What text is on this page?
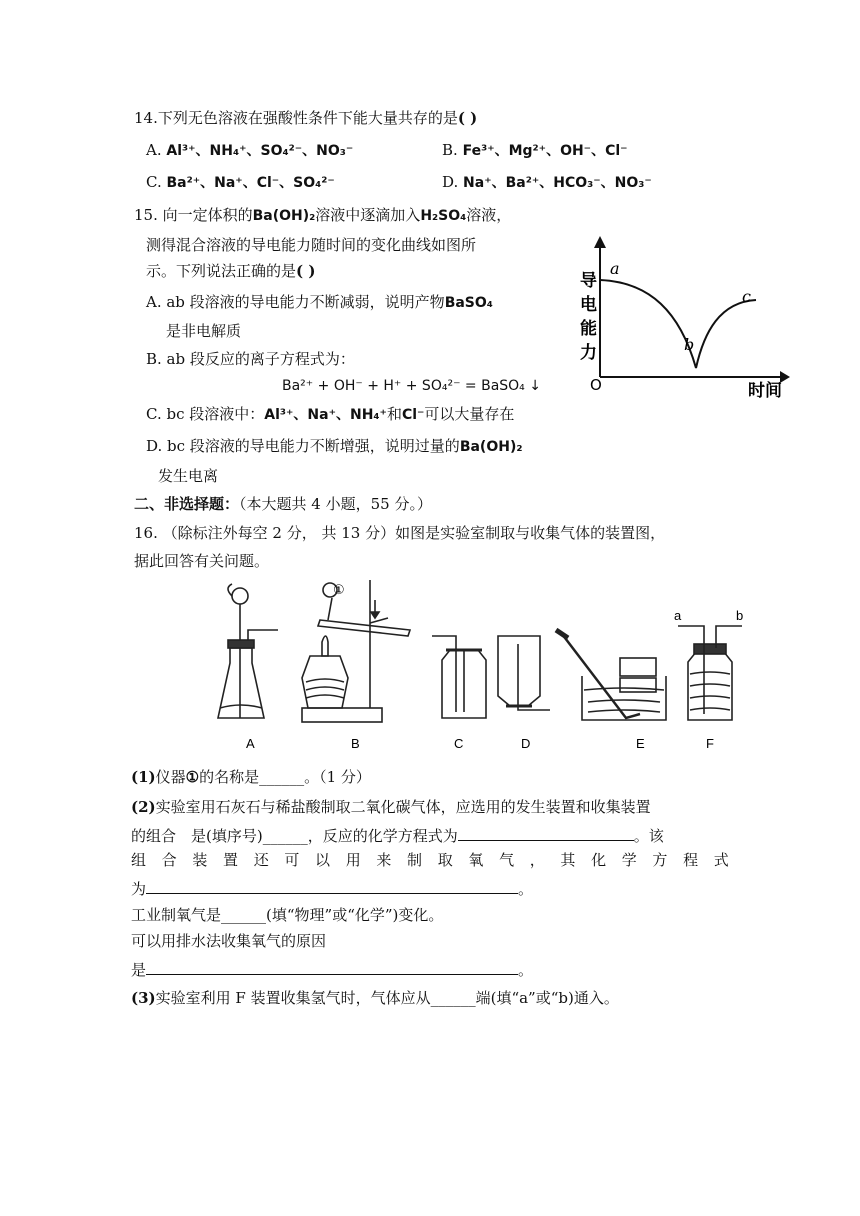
14.下列无色溶液在强酸性条件下能大量共存的是( )
A. Al³⁺、NH₄⁺、SO₄²⁻、NO₃⁻	B. Fe³⁺、Mg²⁺、OH⁻、Cl⁻
C. Ba²⁺、Na⁺、Cl⁻、SO₄²⁻	D. Na⁺、Ba²⁺、HCO₃⁻、NO₃⁻
15. 向一定体积的Ba(OH)₂溶液中逐滴加入H₂SO₄溶液，
测得混合溶液的导电能力随时间的变化曲线如图所
示。下列说法正确的是( )
A. ab 段溶液的导电能力不断减弱，说明产物BaSO₄
是非电解质
B. ab 段反应的离子方程式为：
Ba²⁺ + OH⁻ + H⁺ + SO₄²⁻ = BaSO₄ ↓
C. bc 段溶液中：Al³⁺、Na⁺、NH₄⁺和Cl⁻可以大量存在
D. bc 段溶液的导电能力不断增强，说明过量的Ba(OH)₂
发生电离
导
电
能
力
O	时间
a
b
c
二、非选择题：（本大题共 4 小题，55 分。）
16. （除标注外每空 2 分， 共 13 分）如图是实验室制取与收集气体的装置图，
据此回答有关问题。
①
a	b
A	B	C	D	E	F
(1)仪器①的名称是______。（1 分）
(2)实验室用石灰石与稀盐酸制取二氧化碳气体，应选用的发生装置和收集装置
的组合　是(填序号)______，反应的化学方程式为	。该
组 合 装 置 还 可 以 用 来 制 取 氧 气 ， 其 化 学 方 程 式
为	。
工业制氧气是______(填“物理”或“化学”)变化。
可以用排水法收集氧气的原因
是	。
(3)实验室利用 F 装置收集氢气时，气体应从______端(填“a”或“b)通入。
